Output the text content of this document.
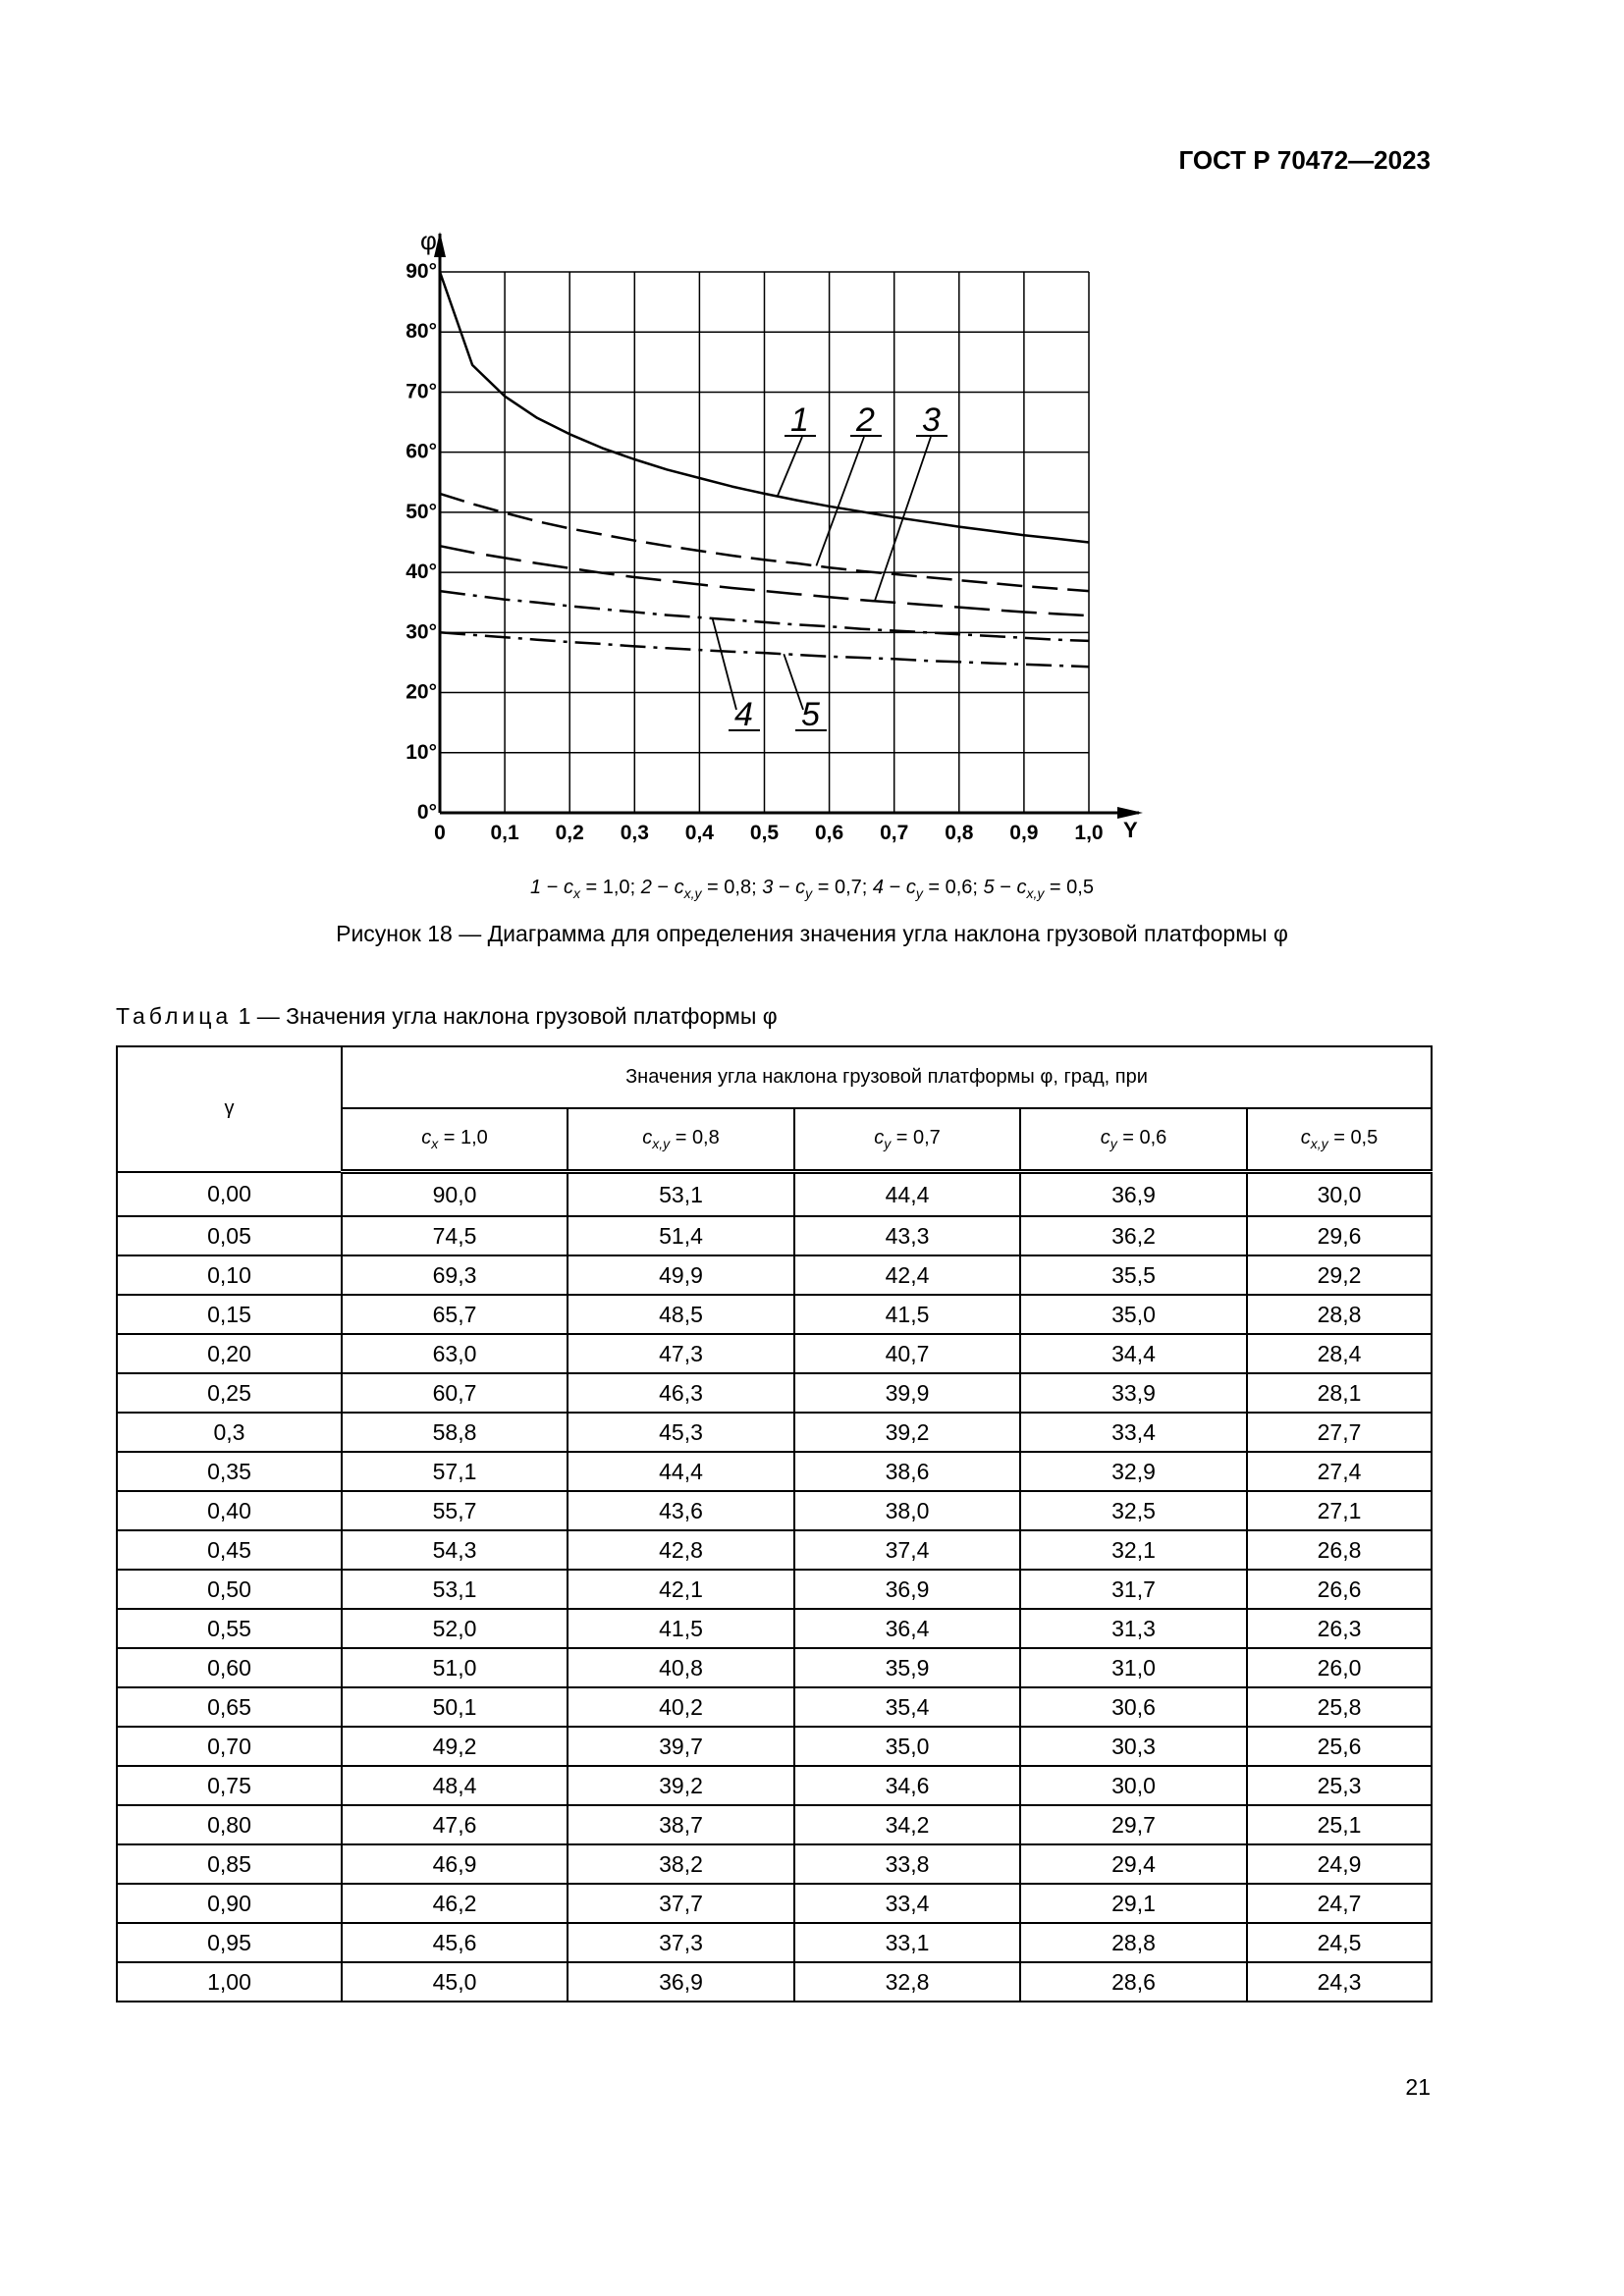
ГОСТ Р 70472—2023
φ
Y
0 0,1 0,2 0,3 0,4 0,5 0,6 0,7 0,8 0,9 1,0
0°
10°
20°
30°
40°
50°
60°
70°
80°
90°
1 2 3
4 5
$1 - c_x = 1,0$; $2 - c_{x,y} = 0,8$; $3 - c_y = 0,7$; $4 - c_y = 0,6$; $5 - c_{x,y} = 0,5$
Рисунок 18 — Диаграмма для определения значения угла наклона грузовой платформы φ
Таблица 1 — Значения угла наклона грузовой платформы φ
γ	Значения угла наклона грузовой платформы φ, град, при				
	$c_x = 1,0$	$c_{x,y} = 0,8$	$c_y = 0,7$	$c_y = 0,6$	$c_{x,y} = 0,5$
0,00	90,0	53,1	44,4	36,9	30,0
0,05	74,5	51,4	43,3	36,2	29,6
0,10	69,3	49,9	42,4	35,5	29,2
0,15	65,7	48,5	41,5	35,0	28,8
0,20	63,0	47,3	40,7	34,4	28,4
0,25	60,7	46,3	39,9	33,9	28,1
0,3	58,8	45,3	39,2	33,4	27,7
0,35	57,1	44,4	38,6	32,9	27,4
0,40	55,7	43,6	38,0	32,5	27,1
0,45	54,3	42,8	37,4	32,1	26,8
0,50	53,1	42,1	36,9	31,7	26,6
0,55	52,0	41,5	36,4	31,3	26,3
0,60	51,0	40,8	35,9	31,0	26,0
0,65	50,1	40,2	35,4	30,6	25,8
0,70	49,2	39,7	35,0	30,3	25,6
0,75	48,4	39,2	34,6	30,0	25,3
0,80	47,6	38,7	34,2	29,7	25,1
0,85	46,9	38,2	33,8	29,4	24,9
0,90	46,2	37,7	33,4	29,1	24,7
0,95	45,6	37,3	33,1	28,8	24,5
1,00	45,0	36,9	32,8	28,6	24,3
21
